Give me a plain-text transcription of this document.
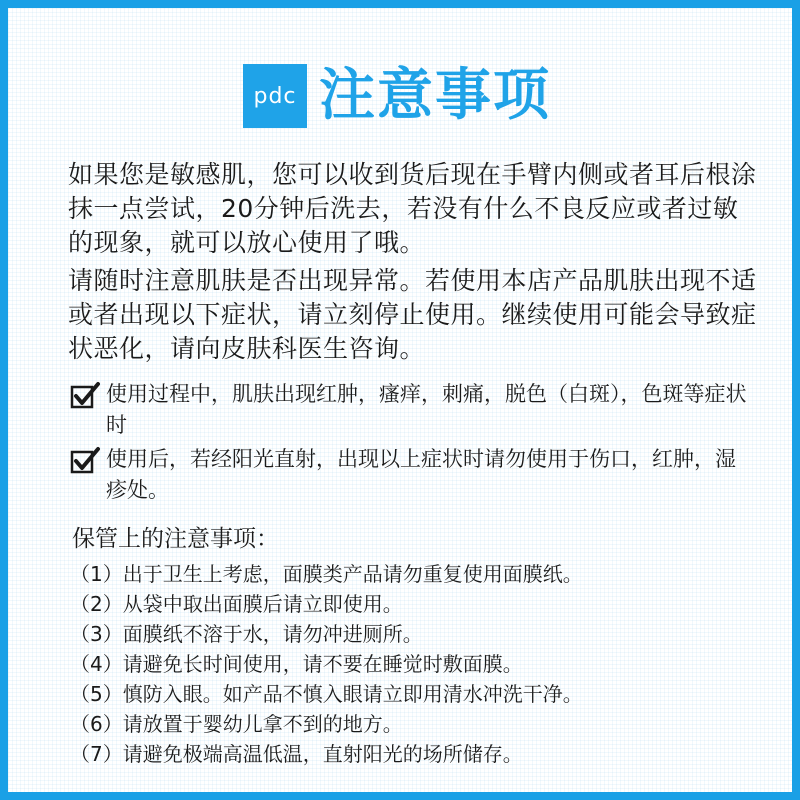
pdc 注意事项

如果您是敏感肌，您可以收到货后现在手臂内侧或者耳后根涂抹一点尝试，20分钟后洗去，若没有什么不良反应或者过敏的现象，就可以放心使用了哦。

请随时注意肌肤是否出现异常。若使用本店产品肌肤出现不适或者出现以下症状，请立刻停止使用。继续使用可能会导致症状恶化，请向皮肤科医生咨询。

使用过程中，肌肤出现红肿，瘙痒，刺痛，脱色（白斑），色斑等症状时
使用后，若经阳光直射，出现以上症状时请勿使用于伤口，红肿，湿疹处。
保管上的注意事项：
（1） 出于卫生上考虑，面膜类产品请勿重复使用面膜纸。
（2） 从袋中取出面膜后请立即使用。
（3） 面膜纸不溶于水，请勿冲进厕所。
（4） 请避免长时间使用，请不要在睡觉时敷面膜。
（5） 慎防入眼。如产品不慎入眼请立即用清水冲洗干净。
（6） 请放置于婴幼儿拿不到的地方。
（7） 请避免极端高温低温，直射阳光的场所储存。
